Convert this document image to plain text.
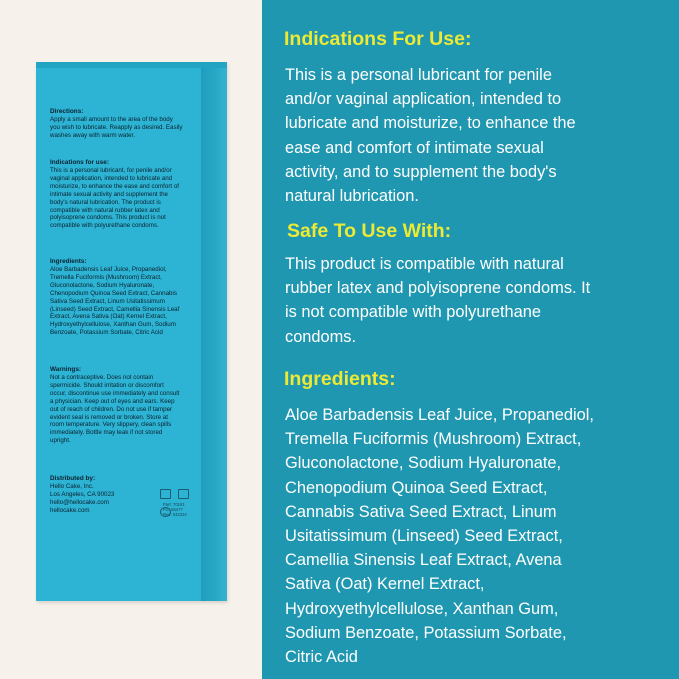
Directions:
Apply a small amount to the area of the body
you wish to lubricate. Reapply as desired. Easily
washes away with warm water.
Indications for use:
This is a personal lubricant, for penile and/or
vaginal application, intended to lubricate and
moisturize, to enhance the ease and comfort of
intimate sexual activity and supplement the
body's natural lubrication. The product is
compatible with natural rubber latex and
polyisoprene condoms. This product is not
compatible with polyurethane condoms.
Ingredients:
Aloe Barbadensis Leaf Juice, Propanediol,
Tremella Fuciformis (Mushroom) Extract,
Gluconolactone, Sodium Hyaluronate,
Chenopodium Quinoa Seed Extract, Cannabis
Sativa Seed Extract, Linum Usitatissimum
(Linseed) Seed Extract, Camellia Sinensis Leaf
Extract, Avena Sativa (Oat) Kernel Extract,
Hydroxyethylcellulose, Xanthan Gum, Sodium
Benzoate, Potassium Sorbate, Citric Acid
Warnings:
Not a contraceptive. Does not contain
spermicide. Should irritation or discomfort
occur, discontinue use immediately and consult
a physician. Keep out of eyes and ears. Keep
out of reach of children. Do not use if tamper
evident seal is removed or broken. Store at
room temperature. Very slippery, clean spills
immediately. Bottle may leak if not stored
upright.
Distributed by:
Hello Cake, Inc.
Los Angeles, CA 90023
hello@hellocake.com
hellocake.com

Part: 70181
FG: 55477
Rev: 042224
Indications For Use:
This is a personal lubricant for penile
and/or vaginal application, intended to
lubricate and moisturize, to enhance the
ease and comfort of intimate sexual
activity, and to supplement the body's
natural lubrication.
Safe To Use With:
This product is compatible with natural
rubber latex and polyisoprene condoms. It
is not compatible with polyurethane
condoms.
Ingredients:
Aloe Barbadensis Leaf Juice, Propanediol,
Tremella Fuciformis (Mushroom) Extract,
Gluconolactone, Sodium Hyaluronate,
Chenopodium Quinoa Seed Extract,
Cannabis Sativa Seed Extract, Linum
Usitatissimum (Linseed) Seed Extract,
Camellia Sinensis Leaf Extract, Avena
Sativa (Oat) Kernel Extract,
Hydroxyethylcellulose, Xanthan Gum,
Sodium Benzoate, Potassium Sorbate,
Citric Acid
